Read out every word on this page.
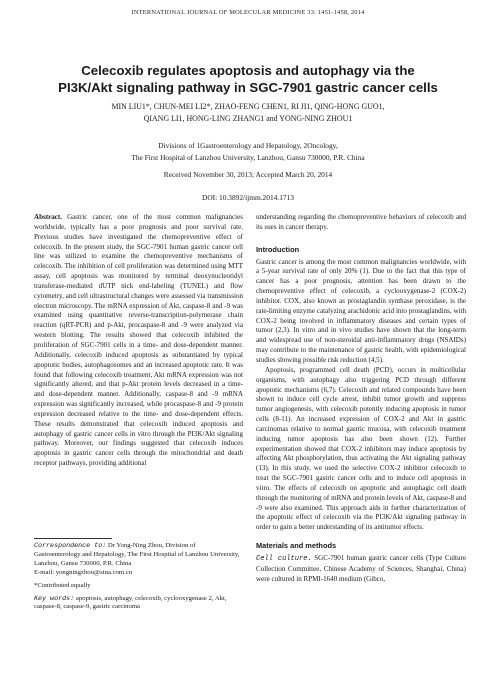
INTERNATIONAL JOURNAL OF MOLECULAR MEDICINE 33: 1451-1458, 2014
Celecoxib regulates apoptosis and autophagy via the
PI3K/Akt signaling pathway in SGC-7901 gastric cancer cells
MIN LIU1*, CHUN-MEI LI2*, ZHAO-FENG CHEN1, RI JI1, QING-HONG GUO1,
QIANG LI1, HONG-LING ZHANG1 and YONG-NING ZHOU1
Divisions of 1Gastroenterology and Hepatology, 2Oncology,
The First Hospital of Lanzhou University, Lanzhou, Gansu 730000, P.R. China
Received November 30, 2013; Accepted March 20, 2014
DOI: 10.3892/ijmm.2014.1713

Abstract. Gastric cancer, one of the most common malignancies worldwide, typically has a poor prognosis and poor survival rate. Previous studies have investigated the chemopreventive effect of celecoxib. In the present study, the SGC-7901 human gastric cancer cell line was utilized to examine the chemopreventive mechanisms of celecoxib. The inhibition of cell proliferation was determined using MTT assay, cell apoptosis was monitored by terminal deoxynucleotidyl transferase-mediated dUTP nick end-labeling (TUNEL) and flow cytometry, and cell ultrastructural changes were assessed via transmission electron microscopy. The mRNA expression of Akt, caspase-8 and -9 was examined using quantitative reverse-transcription-polymerase chain reaction (qRT-PCR) and p-Akt, procaspase-8 and -9 were analyzed via western blotting. The results showed that celecoxib inhibited the proliferation of SGC-7901 cells in a time- and dose-dependent manner. Additionally, celecoxib induced apoptosis as substantiated by typical apoptotic bodies, autophagosomes and an increased apoptotic rate. It was found that following celecoxib treatment, Akt mRNA expression was not significantly altered, and that p-Akt protein levels decreased in a time- and dose-dependent manner. Additionally, caspase-8 and -9 mRNA expression was significantly increased, while procaspase-8 and -9 protein expression decreased relative to the time- and dose-dependent effects. These results demonstrated that celecoxib induced apoptosis and autophagy of gastric cancer cells in vitro through the PI3K/Akt signaling pathway. Moreover, our findings suggested that celecoxib induces apoptosis in gastric cancer cells through the mitochondrial and death receptor pathways, providing additional

Correspondence to: Dr Yong-Ning Zhou, Division of Gastroenterology and Hepatology, The First Hospital of Lanzhou University, Lanzhou, Gansu 730000, P.R. China
E-mail: yongningzhou@sina.com.cn
*Contributed equally
Key words: apoptosis, autophagy, celecoxib, cyclooxygenase 2, Akt, caspase-8, caspase-9, gastric carcinoma

understanding regarding the chemopreventive behaviors of celecoxib and its uses in cancer therapy.

Introduction

Gastric cancer is among the most common malignancies worldwide, with a 5-year survival rate of only 20% (1). Due to the fact that this type of cancer has a poor prognosis, attention has been drawn to the chemopreventive effect of celecoxib, a cyclooxygenase-2 (COX-2) inhibitor. COX, also known as prostaglandin synthase peroxidase, is the rate-limiting enzyme catalyzing arachidonic acid into prostaglandins, with COX-2 being involved in inflammatory diseases and certain types of tumor (2,3). In vitro and in vivo studies have shown that the long-term and widespread use of non-steroidal anti-inflammatory drugs (NSAIDs) may contribute to the maintenance of gastric health, with epidemiological studies showing possible risk reduction (4,5).

Apoptosis, programmed cell death (PCD), occurs in multicellular organisms, with autophagy also triggering PCD through different apoptotic mechanisms (6,7). Celecoxib and related compounds have been shown to induce cell cycle arrest, inhibit tumor growth and suppress tumor angiogenesis, with celecoxib potently inducing apoptosis in tumor cells (8-11). An increased expression of COX-2 and Akt in gastric carcinomas relative to normal gastric mucosa, with celecoxib treatment inducing tumor apoptosis has also been shown (12). Further experimentation showed that COX-2 inhibitors may induce apoptosis by affecting Akt phosphorylation, thus activating the Akt signaling pathway (13). In this study, we used the selective COX-2 inhibitor celecoxib to treat the SGC-7901 gastric cancer cells and to induce cell apoptosis in vitro. The effects of celecoxib on apoptotic and autophagic cell death through the monitoring of mRNA and protein levels of Akt, caspase-8 and -9 were also examined. This approach aids in further characterization of the apoptotic effect of celecoxib via the PI3K/Akt signaling pathway in order to gain a better understanding of its antitumor effects.

Materials and methods

Cell culture. SGC-7901 human gastric cancer cells (Type Culture Collection Committee, Chinese Academy of Sciences, Shanghai, China) were cultured in RPMI-1640 medium (Gibco,
